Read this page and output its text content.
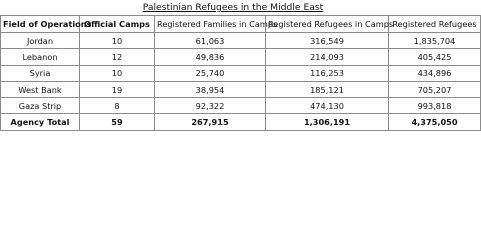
Palestinian Refugees in the Middle East
Field of Operations	Official Camps	Registered Families in Camps	Registered Refugees in Camps	Registered Refugees
Jordan	10	61,063	316,549	1,835,704
Lebanon	12	49,836	214,093	405,425
Syria	10	25,740	116,253	434,896
West Bank	19	38,954	185,121	705,207
Gaza Strip	8	92,322	474,130	993,818
Agency Total	59	267,915	1,306,191	4,375,050
